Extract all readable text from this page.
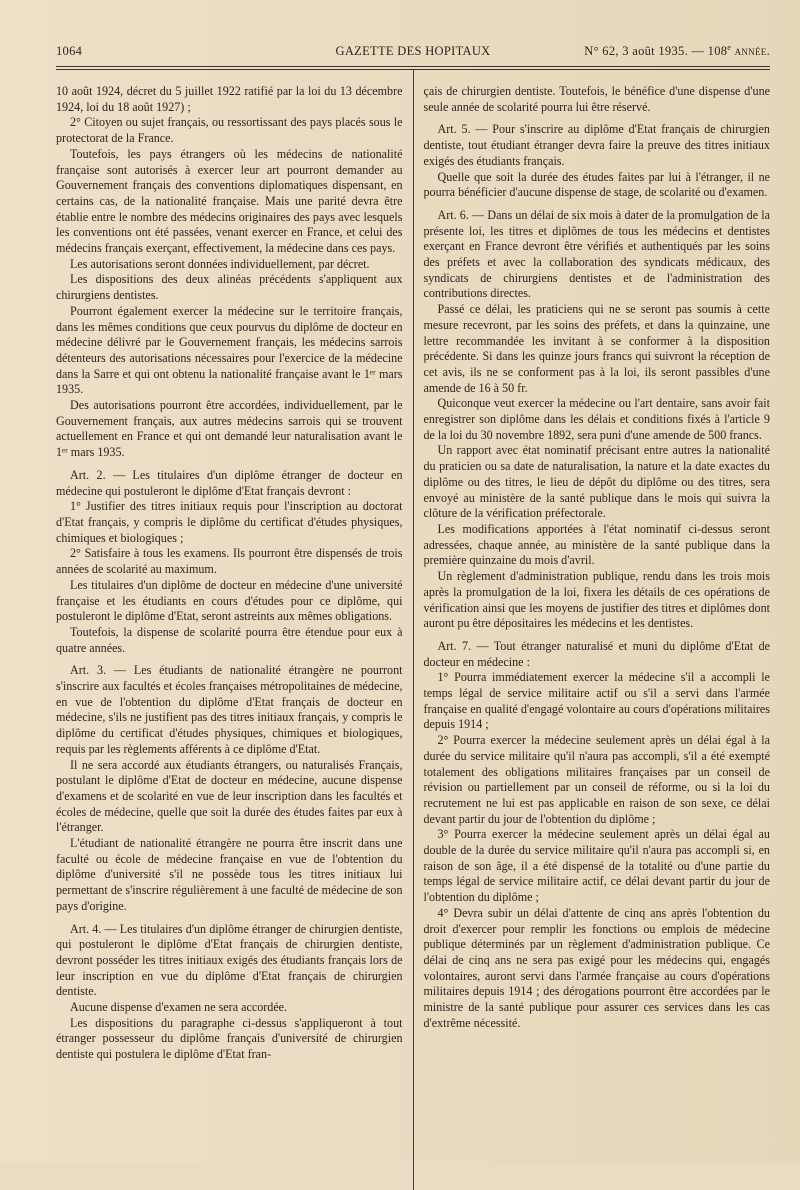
1064	N° 62, 3 août 1935. — 108e année.
GAZETTE DES HOPITAUX

10 août 1924, décret du 5 juillet 1922 ratifié par la loi du 13 décembre 1924, loi du 18 août 1927) ;

2° Citoyen ou sujet français, ou ressortissant des pays placés sous le protectorat de la France.

Toutefois, les pays étrangers où les médecins de nationalité française sont autorisés à exercer leur art pourront demander au Gouvernement français des conventions diplomatiques dispensant, en certains cas, de la nationalité française. Mais une parité devra être établie entre le nombre des médecins originaires des pays avec lesquels les conventions ont été passées, venant exercer en France, et celui des médecins français exerçant, effectivement, la médecine dans ces pays.

Les autorisations seront données individuellement, par décret.

Les dispositions des deux alinéas précédents s'appliquent aux chirurgiens dentistes.

Pourront également exercer la médecine sur le territoire français, dans les mêmes conditions que ceux pourvus du diplôme de docteur en médecine délivré par le Gouvernement français, les médecins sarrois détenteurs des autorisations nécessaires pour l'exercice de la médecine dans la Sarre et qui ont obtenu la nationalité française avant le 1ᵉʳ mars 1935.

Des autorisations pourront être accordées, individuellement, par le Gouvernement français, aux autres médecins sarrois qui se trouvent actuellement en France et qui ont demandé leur naturalisation avant le 1ᵉʳ mars 1935.

Art. 2. — Les titulaires d'un diplôme étranger de docteur en médecine qui postuleront le diplôme d'Etat français devront :

1° Justifier des titres initiaux requis pour l'inscription au doctorat d'Etat français, y compris le diplôme du certificat d'études physiques, chimiques et biologiques ;

2° Satisfaire à tous les examens. Ils pourront être dispensés de trois années de scolarité au maximum.

Les titulaires d'un diplôme de docteur en médecine d'une université française et les étudiants en cours d'études pour ce diplôme, qui postuleront le diplôme d'Etat, seront astreints aux mêmes obligations.

Toutefois, la dispense de scolarité pourra être étendue pour eux à quatre années.

Art. 3. — Les étudiants de nationalité étrangère ne pourront s'inscrire aux facultés et écoles françaises métropolitaines de médecine, en vue de l'obtention du diplôme d'Etat français de docteur en médecine, s'ils ne justifient pas des titres initiaux français, y compris le diplôme du certificat d'études physiques, chimiques et biologiques, requis par les règlements afférents à ce diplôme d'Etat.

Il ne sera accordé aux étudiants étrangers, ou naturalisés Français, postulant le diplôme d'Etat de docteur en médecine, aucune dispense d'examens et de scolarité en vue de leur inscription dans les facultés et écoles de médecine, quelle que soit la durée des études faites par eux à l'étranger.

L'étudiant de nationalité étrangère ne pourra être inscrit dans une faculté ou école de médecine française en vue de l'obtention du diplôme d'université s'il ne possède tous les titres initiaux lui permettant de s'inscrire régulièrement à une faculté de médecine de son pays d'origine.

Art. 4. — Les titulaires d'un diplôme étranger de chirurgien dentiste, qui postuleront le diplôme d'Etat français de chirurgien dentiste, devront posséder les titres initiaux exigés des étudiants français lors de leur inscription en vue du diplôme d'Etat français de chirurgien dentiste.

Aucune dispense d'examen ne sera accordée.

Les dispositions du paragraphe ci-dessus s'appliqueront à tout étranger possesseur du diplôme français d'université de chirurgien dentiste qui postulera le diplôme d'Etat fran-

çais de chirurgien dentiste. Toutefois, le bénéfice d'une dispense d'une seule année de scolarité pourra lui être réservé.

Art. 5. — Pour s'inscrire au diplôme d'Etat français de chirurgien dentiste, tout étudiant étranger devra faire la preuve des titres initiaux exigés des étudiants français.

Quelle que soit la durée des études faites par lui à l'étranger, il ne pourra bénéficier d'aucune dispense de stage, de scolarité ou d'examen.

Art. 6. — Dans un délai de six mois à dater de la promulgation de la présente loi, les titres et diplômes de tous les médecins et dentistes exerçant en France devront être vérifiés et authentiqués par les soins des préfets et avec la collaboration des syndicats médicaux, des syndicats de chirurgiens dentistes et de l'administration des contributions directes.

Passé ce délai, les praticiens qui ne se seront pas soumis à cette mesure recevront, par les soins des préfets, et dans la quinzaine, une lettre recommandée les invitant à se conformer à la disposition précédente. Si dans les quinze jours francs qui suivront la réception de cet avis, ils ne se conforment pas à la loi, ils seront passibles d'une amende de 16 à 50 fr.

Quiconque veut exercer la médecine ou l'art dentaire, sans avoir fait enregistrer son diplôme dans les délais et conditions fixés à l'article 9 de la loi du 30 novembre 1892, sera puni d'une amende de 500 francs.

Un rapport avec état nominatif précisant entre autres la nationalité du praticien ou sa date de naturalisation, la nature et la date exactes du diplôme ou des titres, le lieu de dépôt du diplôme ou des titres, sera envoyé au ministère de la santé publique dans le mois qui suivra la clôture de la vérification préfectorale.

Les modifications apportées à l'état nominatif ci-dessus seront adressées, chaque année, au ministère de la santé publique dans la première quinzaine du mois d'avril.

Un règlement d'administration publique, rendu dans les trois mois après la promulgation de la loi, fixera les détails de ces opérations de vérification ainsi que les moyens de justifier des titres et diplômes dont auront pu être dépositaires les médecins et les dentistes.

Art. 7. — Tout étranger naturalisé et muni du diplôme d'Etat de docteur en médecine :

1° Pourra immédiatement exercer la médecine s'il a accompli le temps légal de service militaire actif ou s'il a servi dans l'armée française en qualité d'engagé volontaire au cours d'opérations militaires depuis 1914 ;

2° Pourra exercer la médecine seulement après un délai égal à la durée du service militaire qu'il n'aura pas accompli, s'il a été exempté totalement des obligations militaires françaises par un conseil de révision ou partiellement par un conseil de réforme, ou si la loi du recrutement ne lui est pas applicable en raison de son sexe, ce délai devant partir du jour de l'obtention du diplôme ;

3° Pourra exercer la médecine seulement après un délai égal au double de la durée du service militaire qu'il n'aura pas accompli si, en raison de son âge, il a été dispensé de la totalité ou d'une partie du temps légal de service militaire actif, ce délai devant partir du jour de l'obtention du diplôme ;

4° Devra subir un délai d'attente de cinq ans après l'obtention du droit d'exercer pour remplir les fonctions ou emplois de médecine publique déterminés par un règlement d'administration publique. Ce délai de cinq ans ne sera pas exigé pour les médecins qui, engagés volontaires, auront servi dans l'armée française au cours d'opérations militaires depuis 1914 ; des dérogations pourront être accordées par le ministre de la santé publique pour assurer ces services dans les cas d'extrême nécessité.
